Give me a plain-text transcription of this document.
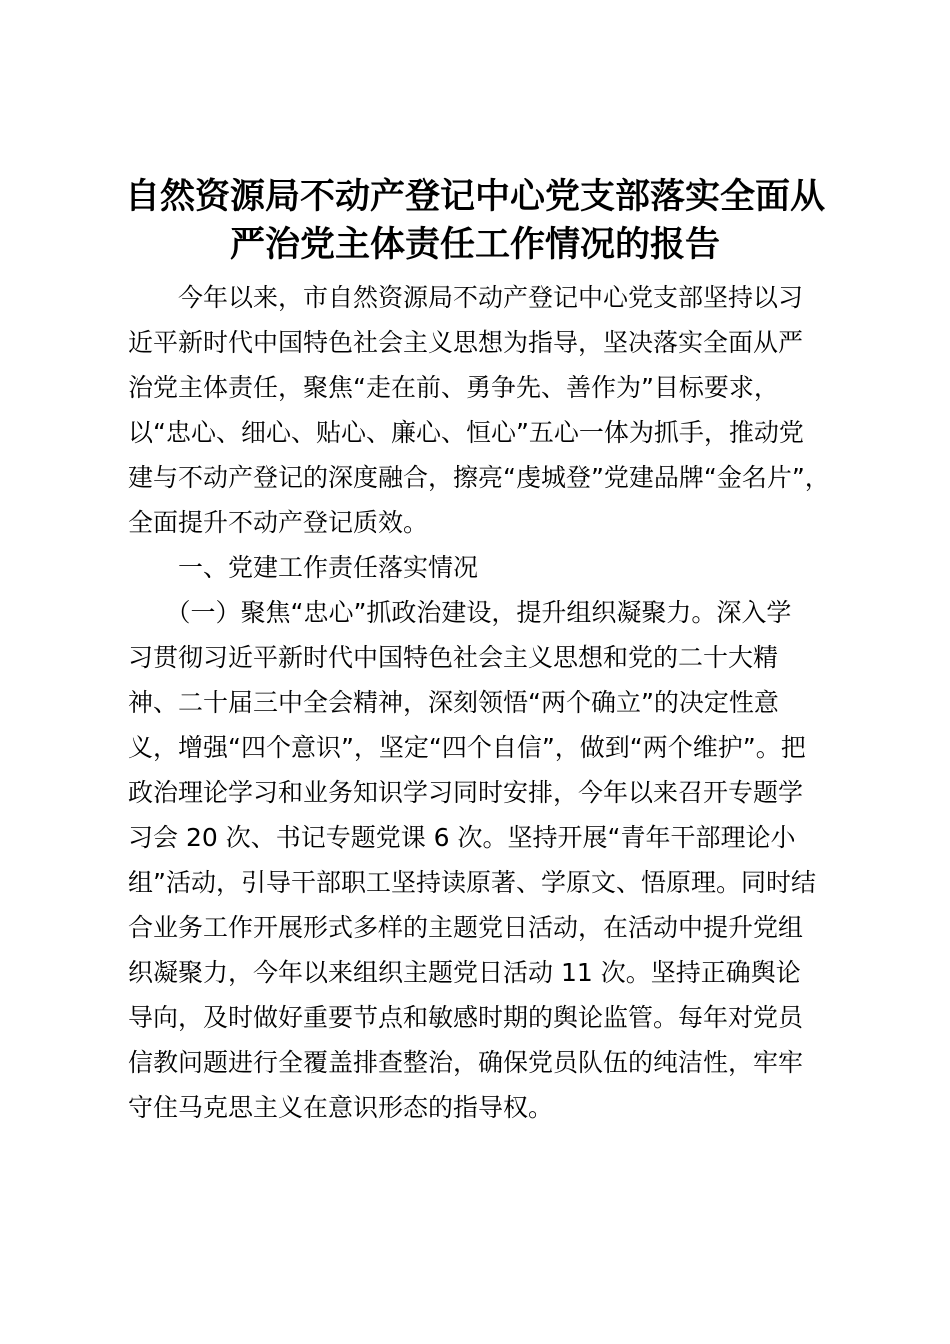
自然资源局不动产登记中心党支部落实全面从
严治党主体责任工作情况的报告

　　今年以来，市自然资源局不动产登记中心党支部坚持以习

近平新时代中国特色社会主义思想为指导，坚决落实全面从严

治党主体责任，聚焦“走在前、勇争先、善作为”目标要求，

以“忠心、细心、贴心、廉心、恒心”五心一体为抓手，推动党

建与不动产登记的深度融合，擦亮“虔城登”党建品牌“金名片”，

全面提升不动产登记质效。

　　一、党建工作责任落实情况

　　（一）聚焦“忠心”抓政治建设，提升组织凝聚力。深入学

习贯彻习近平新时代中国特色社会主义思想和党的二十大精

神、二十届三中全会精神，深刻领悟“两个确立”的决定性意

义，增强“四个意识”，坚定“四个自信”，做到“两个维护”。把

政治理论学习和业务知识学习同时安排，今年以来召开专题学

习会 20 次、书记专题党课 6 次。坚持开展“青年干部理论小

组”活动，引导干部职工坚持读原著、学原文、悟原理。同时结

合业务工作开展形式多样的主题党日活动，在活动中提升党组

织凝聚力，今年以来组织主题党日活动 11 次。坚持正确舆论

导向，及时做好重要节点和敏感时期的舆论监管。每年对党员

信教问题进行全覆盖排查整治，确保党员队伍的纯洁性，牢牢

守住马克思主义在意识形态的指导权。
